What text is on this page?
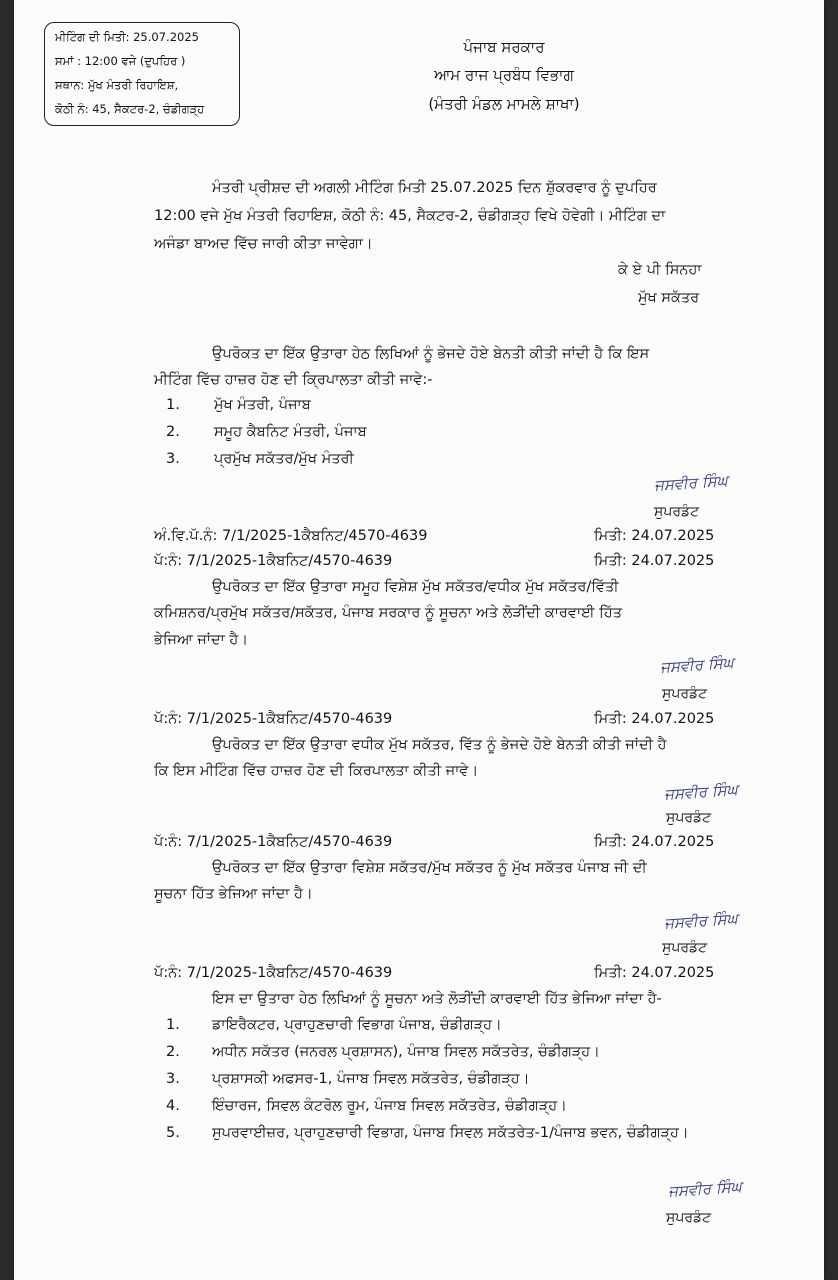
ਮੀਟਿੰਗ ਦੀ ਮਿਤੀ: 25.07.2025
ਸਮਾਂ : 12:00 ਵਜੇ (ਦੁਪਹਿਰ )
ਸਥਾਨ: ਮੁੱਖ ਮੰਤਰੀ ਰਿਹਾਇਸ਼,
ਕੋਠੀ ਨੰ: 45, ਸੈਕਟਰ-2, ਚੰਡੀਗੜ੍ਹ
ਪੰਜਾਬ ਸਰਕਾਰ
ਆਮ ਰਾਜ ਪ੍ਰਬੰਧ ਵਿਭਾਗ
(ਮੰਤਰੀ ਮੰਡਲ ਮਾਮਲੇ ਸ਼ਾਖਾ)
ਮੰਤਰੀ ਪ੍ਰੀਸ਼ਦ ਦੀ ਅਗਲੀ ਮੀਟਿੰਗ ਮਿਤੀ 25.07.2025 ਦਿਨ ਸ਼ੁੱਕਰਵਾਰ ਨੂੰ ਦੁਪਹਿਰ
12:00 ਵਜੇ ਮੁੱਖ ਮੰਤਰੀ ਰਿਹਾਇਸ਼, ਕੋਠੀ ਨੰ: 45, ਸੈਕਟਰ-2, ਚੰਡੀਗੜ੍ਹ ਵਿਖੇ ਹੋਵੇਗੀ। ਮੀਟਿੰਗ ਦਾ
ਅਜੰਡਾ ਬਾਅਦ ਵਿੱਚ ਜਾਰੀ ਕੀਤਾ ਜਾਵੇਗਾ।
ਕੇ ਏ ਪੀ ਸਿਨਹਾ
ਮੁੱਖ ਸਕੱਤਰ
ਉਪਰੋਕਤ ਦਾ ਇੱਕ ਉਤਾਰਾ ਹੇਠ ਲਿਖਿਆਂ ਨੂੰ ਭੇਜਦੇ ਹੋਏ ਬੇਨਤੀ ਕੀਤੀ ਜਾਂਦੀ ਹੈ ਕਿ ਇਸ
ਮੀਟਿੰਗ ਵਿੱਚ ਹਾਜ਼ਰ ਹੋਣ ਦੀ ਕ੍ਰਿਪਾਲਤਾ ਕੀਤੀ ਜਾਵੇ:-
1. ਮੁੱਖ ਮੰਤਰੀ, ਪੰਜਾਬ
2. ਸਮੂਹ ਕੈਬਨਿਟ ਮੰਤਰੀ, ਪੰਜਾਬ
3. ਪ੍ਰਮੁੱਖ ਸਕੱਤਰ/ਮੁੱਖ ਮੰਤਰੀ
ਜਸਵੀਰ ਸਿੰਘ
ਸੁਪਰਡੰਟ
ਅੰ.ਵਿ.ਪੱ.ਨੰ: 7/1/2025-1ਕੈਬਨਿਟ/4570-4639	ਮਿਤੀ: 24.07.2025
ਪੱ:ਨੰ: 7/1/2025-1ਕੈਬਨਿਟ/4570-4639	ਮਿਤੀ: 24.07.2025
ਉਪਰੋਕਤ ਦਾ ਇੱਕ ਉਤਾਰਾ ਸਮੂਹ ਵਿਸ਼ੇਸ਼ ਮੁੱਖ ਸਕੱਤਰ/ਵਧੀਕ ਮੁੱਖ ਸਕੱਤਰ/ਵਿੱਤੀ
ਕਮਿਸ਼ਨਰ/ਪ੍ਰਮੁੱਖ ਸਕੱਤਰ/ਸਕੱਤਰ, ਪੰਜਾਬ ਸਰਕਾਰ ਨੂੰ ਸੂਚਨਾ ਅਤੇ ਲੋੜੀਂਦੀ ਕਾਰਵਾਈ ਹਿੱਤ
ਭੇਜਿਆ ਜਾਂਦਾ ਹੈ।
ਜਸਵੀਰ ਸਿੰਘ
ਸੁਪਰਡੰਟ
ਪੱ:ਨੰ: 7/1/2025-1ਕੈਬਨਿਟ/4570-4639	ਮਿਤੀ: 24.07.2025
ਉਪਰੋਕਤ ਦਾ ਇੱਕ ਉਤਾਰਾ ਵਧੀਕ ਮੁੱਖ ਸਕੱਤਰ, ਵਿੱਤ ਨੂੰ ਭੇਜਦੇ ਹੋਏ ਬੇਨਤੀ ਕੀਤੀ ਜਾਂਦੀ ਹੈ
ਕਿ ਇਸ ਮੀਟਿੰਗ ਵਿੱਚ ਹਾਜ਼ਰ ਹੋਣ ਦੀ ਕਿਰਪਾਲਤਾ ਕੀਤੀ ਜਾਵੇ।
ਜਸਵੀਰ ਸਿੰਘ
ਸੁਪਰਡੰਟ
ਪੱ:ਨੰ: 7/1/2025-1ਕੈਬਨਿਟ/4570-4639	ਮਿਤੀ: 24.07.2025
ਉਪਰੋਕਤ ਦਾ ਇੱਕ ਉਤਾਰਾ ਵਿਸ਼ੇਸ਼ ਸਕੱਤਰ/ਮੁੱਖ ਸਕੱਤਰ ਨੂੰ ਮੁੱਖ ਸਕੱਤਰ ਪੰਜਾਬ ਜੀ ਦੀ
ਸੂਚਨਾ ਹਿੱਤ ਭੇਜਿਆ ਜਾਂਦਾ ਹੈ।
ਜਸਵੀਰ ਸਿੰਘ
ਸੁਪਰਡੰਟ
ਪੱ:ਨੰ: 7/1/2025-1ਕੈਬਨਿਟ/4570-4639	ਮਿਤੀ: 24.07.2025
ਇਸ ਦਾ ਉਤਾਰਾ ਹੇਠ ਲਿਖਿਆਂ ਨੂੰ ਸੂਚਨਾ ਅਤੇ ਲੋੜੀਂਦੀ ਕਾਰਵਾਈ ਹਿੱਤ ਭੇਜਿਆ ਜਾਂਦਾ ਹੈ-
1. ਡਾਇਰੈਕਟਰ, ਪ੍ਰਾਹੁਣਚਾਰੀ ਵਿਭਾਗ ਪੰਜਾਬ, ਚੰਡੀਗੜ੍ਹ।
2. ਅਧੀਨ ਸਕੱਤਰ (ਜਨਰਲ ਪ੍ਰਸ਼ਾਸਨ), ਪੰਜਾਬ ਸਿਵਲ ਸਕੱਤਰੇਤ, ਚੰਡੀਗੜ੍ਹ।
3. ਪ੍ਰਸ਼ਾਸਕੀ ਅਫਸਰ-1, ਪੰਜਾਬ ਸਿਵਲ ਸਕੱਤਰੇਤ, ਚੰਡੀਗੜ੍ਹ।
4. ਇੰਚਾਰਜ, ਸਿਵਲ ਕੰਟਰੋਲ ਰੂਮ, ਪੰਜਾਬ ਸਿਵਲ ਸਕੱਤਰੇਤ, ਚੰਡੀਗੜ੍ਹ।
5. ਸੁਪਰਵਾਈਜ਼ਰ, ਪ੍ਰਾਹੁਣਚਾਰੀ ਵਿਭਾਗ, ਪੰਜਾਬ ਸਿਵਲ ਸਕੱਤਰੇਤ-1/ਪੰਜਾਬ ਭਵਨ, ਚੰਡੀਗੜ੍ਹ।
ਜਸਵੀਰ ਸਿੰਘ
ਸੁਪਰਡੰਟ
